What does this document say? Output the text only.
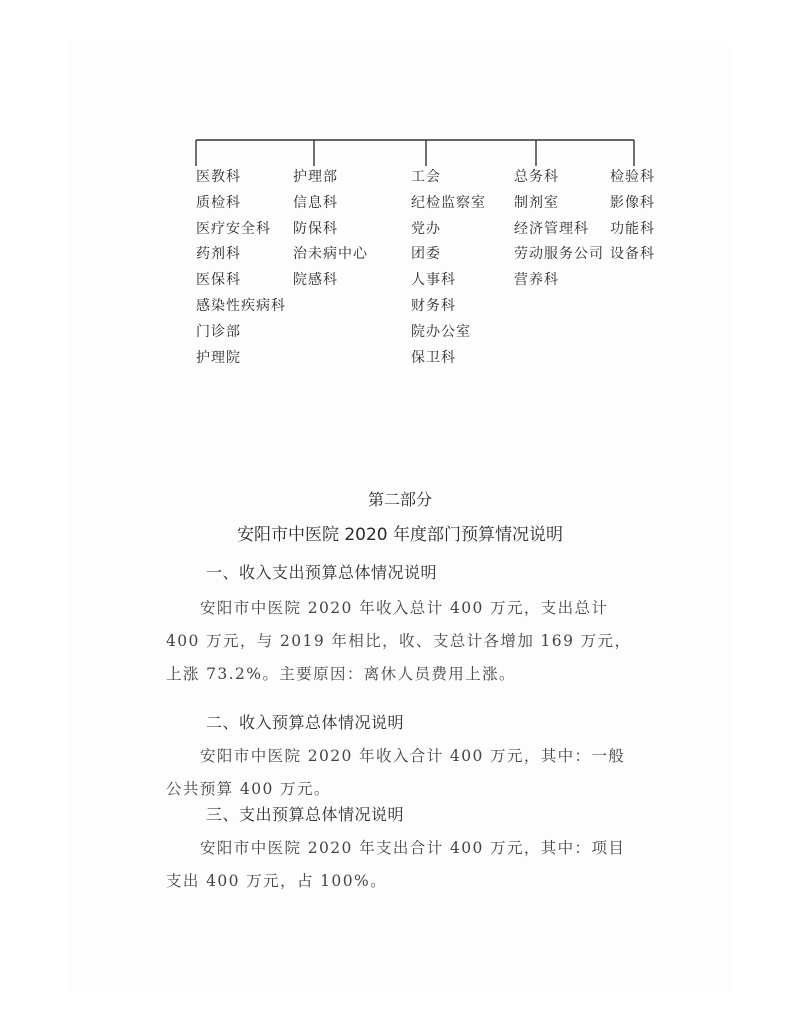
医教科
质检科
医疗安全科
药剂科
医保科
感染性疾病科
门诊部
护理院
护理部
信息科
防保科
治未病中心
院感科
工会
纪检监察室
党办
团委
人事科
财务科
院办公室
保卫科
总务科
制剂室
经济管理科
劳动服务公司
营养科
检验科
影像科
功能科
设备科
第二部分
安阳市中医院 2020 年度部门预算情况说明
一、收入支出预算总体情况说明
安阳市中医院 2020 年收入总计 400 万元，支出总计 400 万元，与 2019 年相比，收、支总计各增加 169 万元，上涨 73.2%。主要原因：离休人员费用上涨。
二、收入预算总体情况说明
安阳市中医院 2020 年收入合计 400 万元，其中：一般公共预算 400 万元。
三、支出预算总体情况说明
安阳市中医院 2020 年支出合计 400 万元，其中：项目支出 400 万元，占 100%。
